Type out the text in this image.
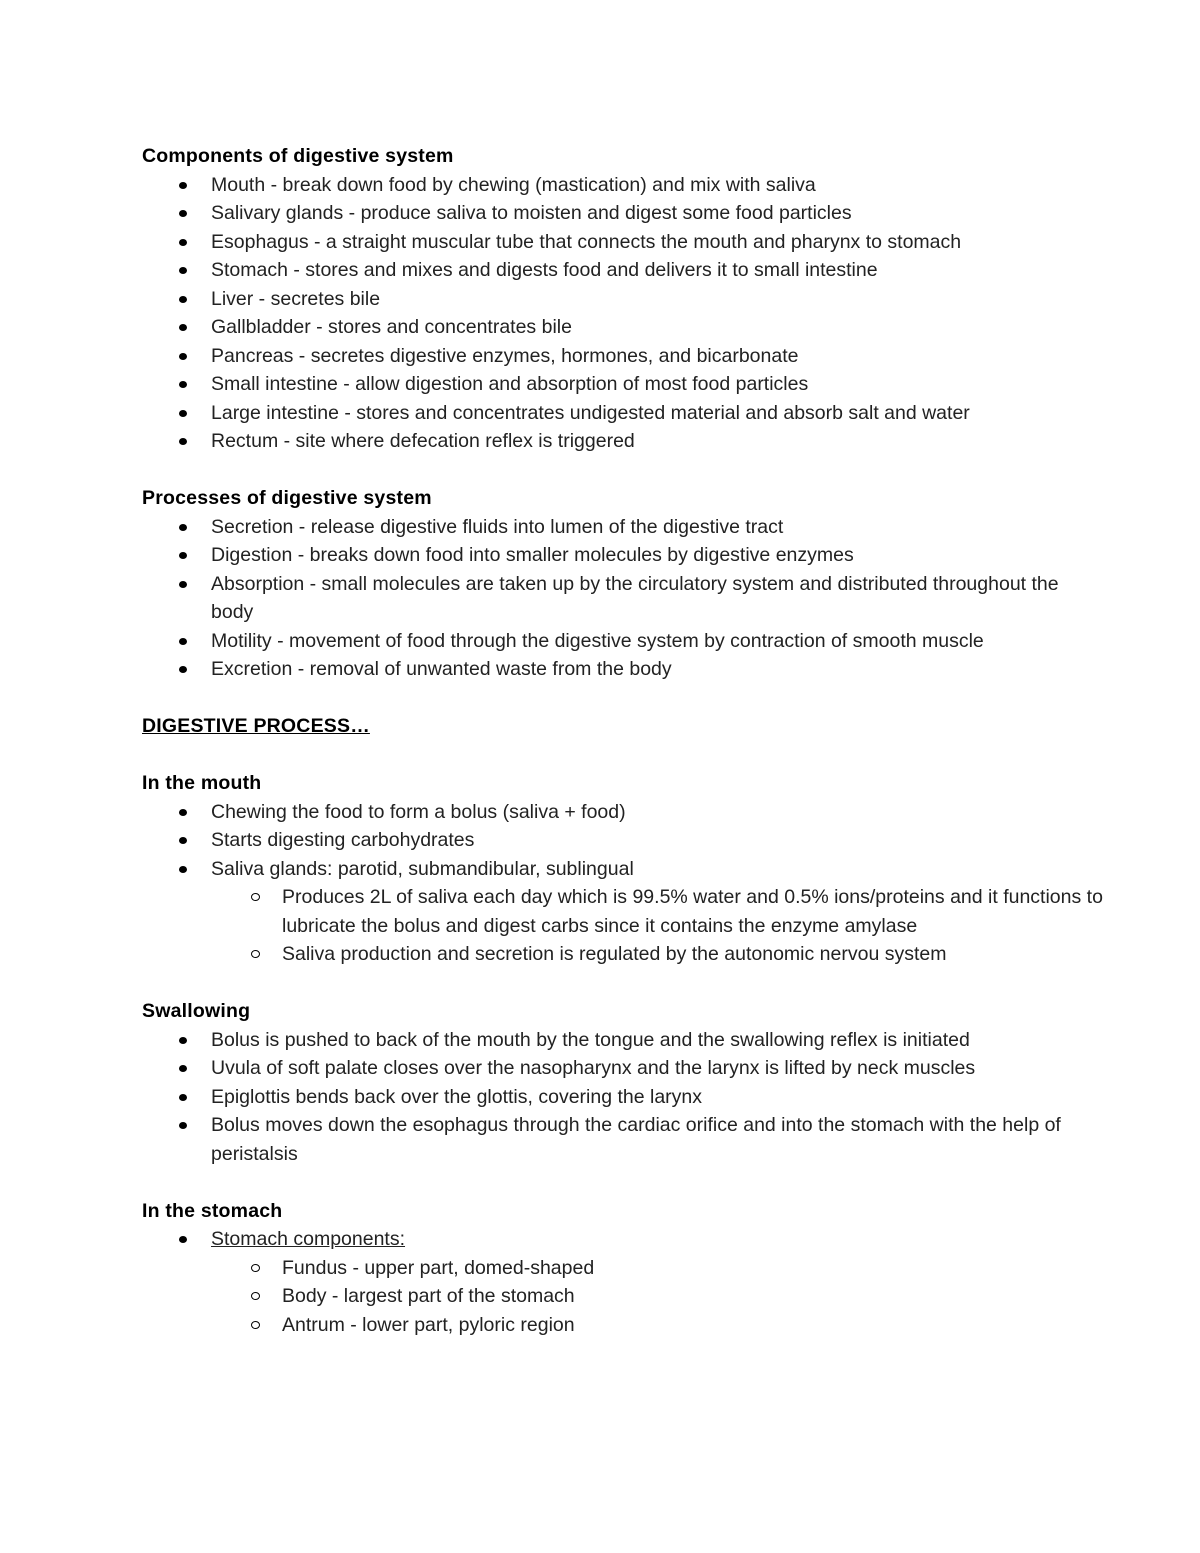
Components of digestive system

Mouth - break down food by chewing (mastication) and mix with saliva
Salivary glands - produce saliva to moisten and digest some food particles
Esophagus - a straight muscular tube that connects the mouth and pharynx to stomach
Stomach - stores and mixes and digests food and delivers it to small intestine
Liver - secretes bile
Gallbladder - stores and concentrates bile
Pancreas - secretes digestive enzymes, hormones, and bicarbonate
Small intestine - allow digestion and absorption of most food particles
Large intestine - stores and concentrates undigested material and absorb salt and water
Rectum - site where defecation reflex is triggered

Processes of digestive system

Secretion - release digestive fluids into lumen of the digestive tract
Digestion - breaks down food into smaller molecules by digestive enzymes
Absorption - small molecules are taken up by the circulatory system and distributed throughout the body
Motility - movement of food through the digestive system by contraction of smooth muscle
Excretion - removal of unwanted waste from the body

DIGESTIVE PROCESS…

In the mouth

Chewing the food to form a bolus (saliva + food)
Starts digesting carbohydrates
Saliva glands: parotid, submandibular, sublingual
Produces 2L of saliva each day which is 99.5% water and 0.5% ions/proteins and it functions to lubricate the bolus and digest carbs since it contains the enzyme amylase
Saliva production and secretion is regulated by the autonomic nervou system

Swallowing

Bolus is pushed to back of the mouth by the tongue and the swallowing reflex is initiated
Uvula of soft palate closes over the nasopharynx and the larynx is lifted by neck muscles
Epiglottis bends back over the glottis, covering the larynx
Bolus moves down the esophagus through the cardiac orifice and into the stomach with the help of peristalsis

In the stomach

Stomach components:
Fundus - upper part, domed-shaped
Body - largest part of the stomach
Antrum - lower part, pyloric region
